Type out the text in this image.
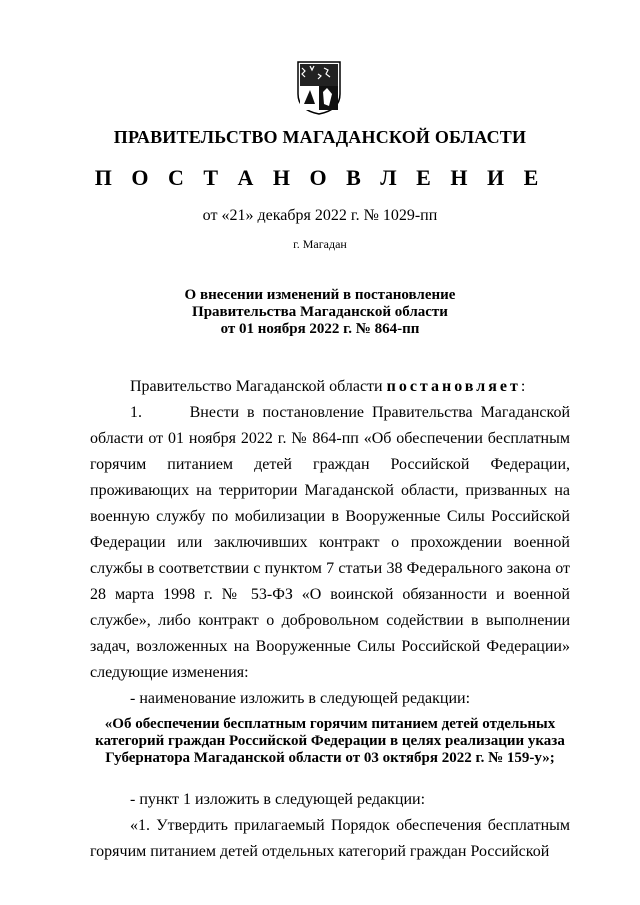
ПРАВИТЕЛЬСТВО МАГАДАНСКОЙ ОБЛАСТИ
П О С Т А Н О В Л Е Н И Е
от «21» декабря 2022 г. № 1029-пп
г. Магадан
О внесении изменений в постановление
Правительства Магаданской области
от 01 ноября 2022 г. № 864-пп

Правительство Магаданской области постановляет:

1.      Внести в постановление Правительства Магаданской области от 01 ноября 2022 г. № 864-пп «Об обеспечении бесплатным горячим питанием детей граждан Российской Федерации, проживающих на территории Магаданской области, призванных на военную службу по мобилизации в Вооруженные Силы Российской Федерации или заключивших контракт о прохождении военной службы в соответствии с пунктом 7 статьи 38 Федерального закона от 28 марта 1998 г. № 53-ФЗ «О воинской обязанности и военной службе», либо контракт о добровольном содействии в выполнении задач, возложенных на Вооруженные Силы Российской Федерации» следующие изменения:

- наименование изложить в следующей редакции:

«Об обеспечении бесплатным горячим питанием детей отдельных категорий граждан Российской Федерации в целях реализации указа Губернатора Магаданской области от 03 октября 2022 г. № 159-у»;

- пункт 1 изложить в следующей редакции:

«1. Утвердить прилагаемый Порядок обеспечения бесплатным горячим питанием детей отдельных категорий граждан Российской
